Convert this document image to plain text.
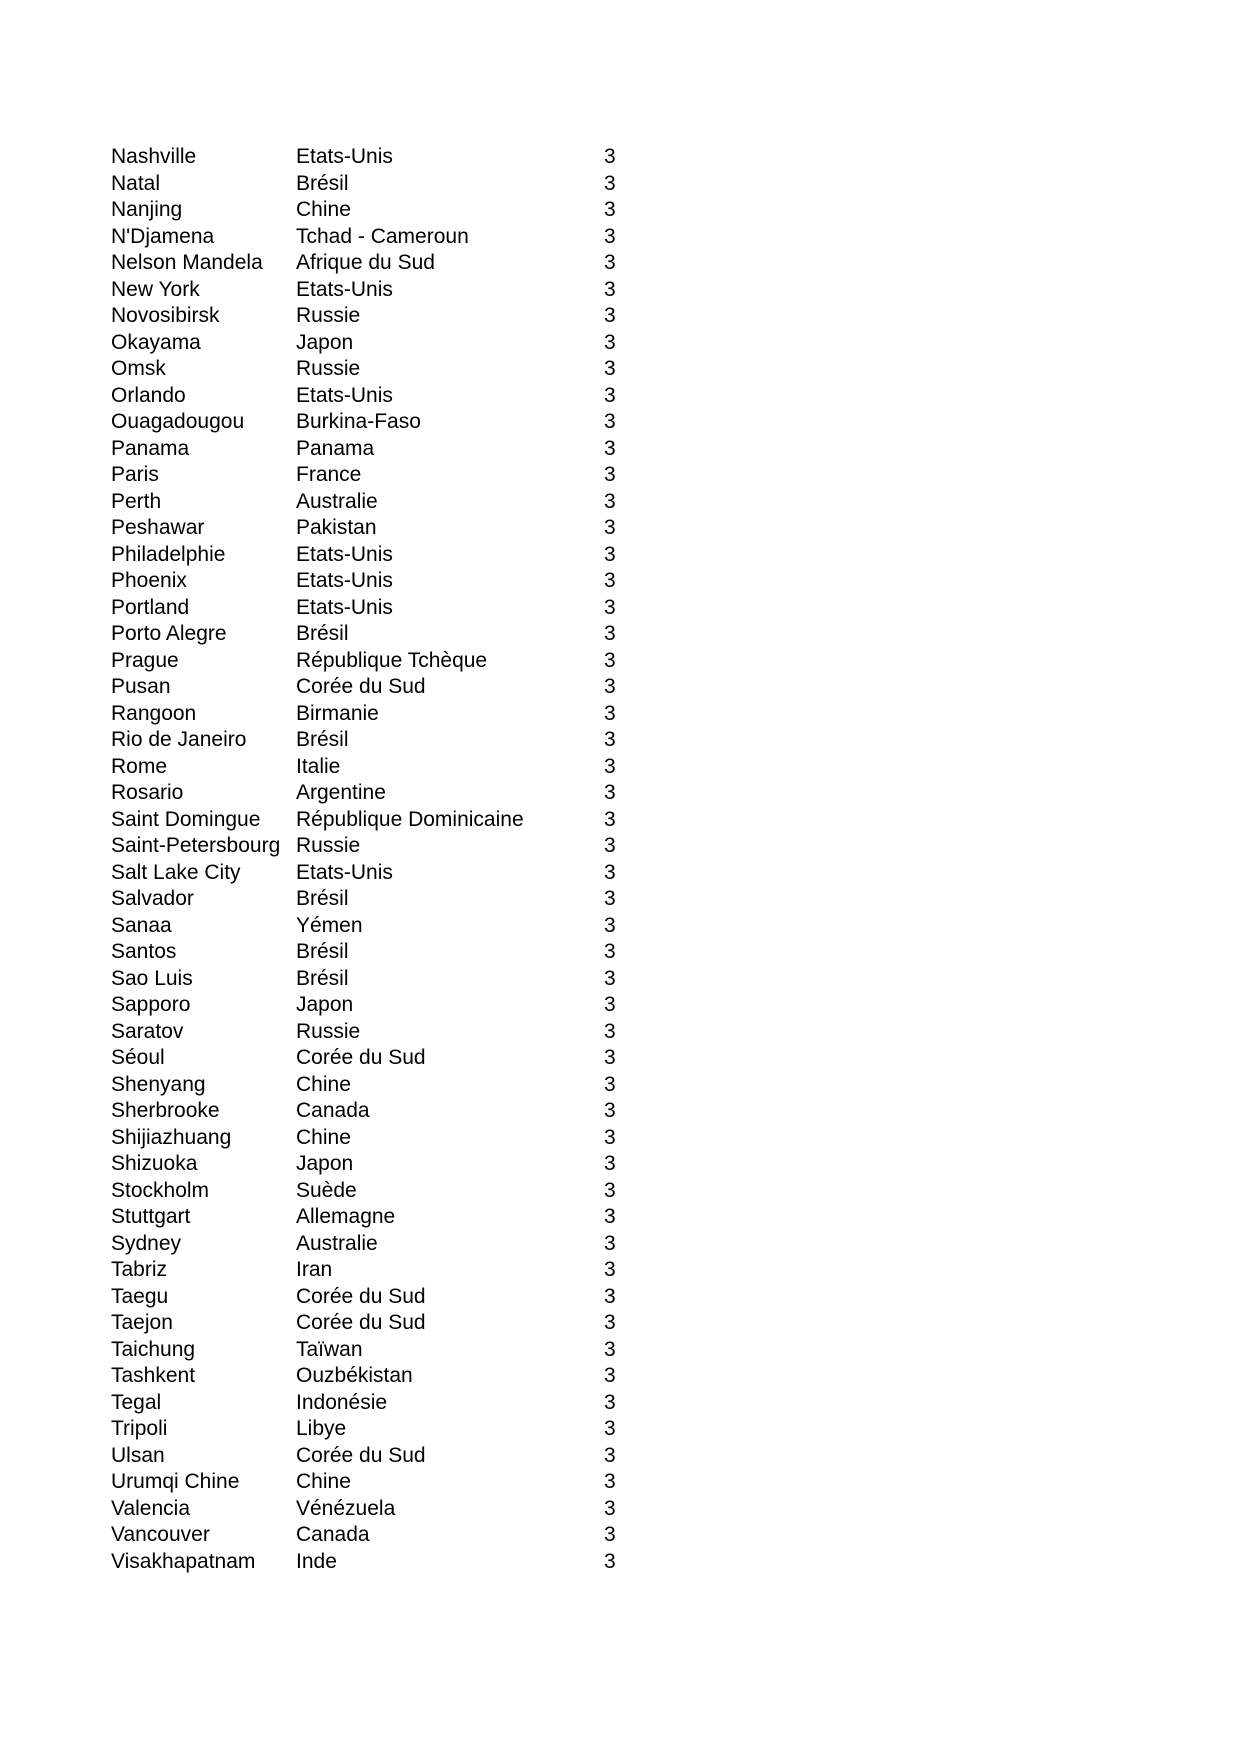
Nashville	Etats-Unis	3
Natal	Brésil	3
Nanjing	Chine	3
N'Djamena	Tchad - Cameroun	3
Nelson Mandela	Afrique du Sud	3
New York	Etats-Unis	3
Novosibirsk	Russie	3
Okayama	Japon	3
Omsk	Russie	3
Orlando	Etats-Unis	3
Ouagadougou	Burkina-Faso	3
Panama	Panama	3
Paris	France	3
Perth	Australie	3
Peshawar	Pakistan	3
Philadelphie	Etats-Unis	3
Phoenix	Etats-Unis	3
Portland	Etats-Unis	3
Porto Alegre	Brésil	3
Prague	République Tchèque	3
Pusan	Corée du Sud	3
Rangoon	Birmanie	3
Rio de Janeiro	Brésil	3
Rome	Italie	3
Rosario	Argentine	3
Saint Domingue	République Dominicaine	3
Saint-Petersbourg Russie	3
Salt Lake City	Etats-Unis	3
Salvador	Brésil	3
Sanaa	Yémen	3
Santos	Brésil	3
Sao Luis	Brésil	3
Sapporo	Japon	3
Saratov	Russie	3
Séoul	Corée du Sud	3
Shenyang	Chine	3
Sherbrooke	Canada	3
Shijiazhuang	Chine	3
Shizuoka	Japon	3
Stockholm	Suède	3
Stuttgart	Allemagne	3
Sydney	Australie	3
Tabriz	Iran	3
Taegu	Corée du Sud	3
Taejon	Corée du Sud	3
Taichung	Taïwan	3
Tashkent	Ouzbékistan	3
Tegal	Indonésie	3
Tripoli	Libye	3
Ulsan	Corée du Sud	3
Urumqi Chine	Chine	3
Valencia	Vénézuela	3
Vancouver	Canada	3
Visakhapatnam	Inde	3
